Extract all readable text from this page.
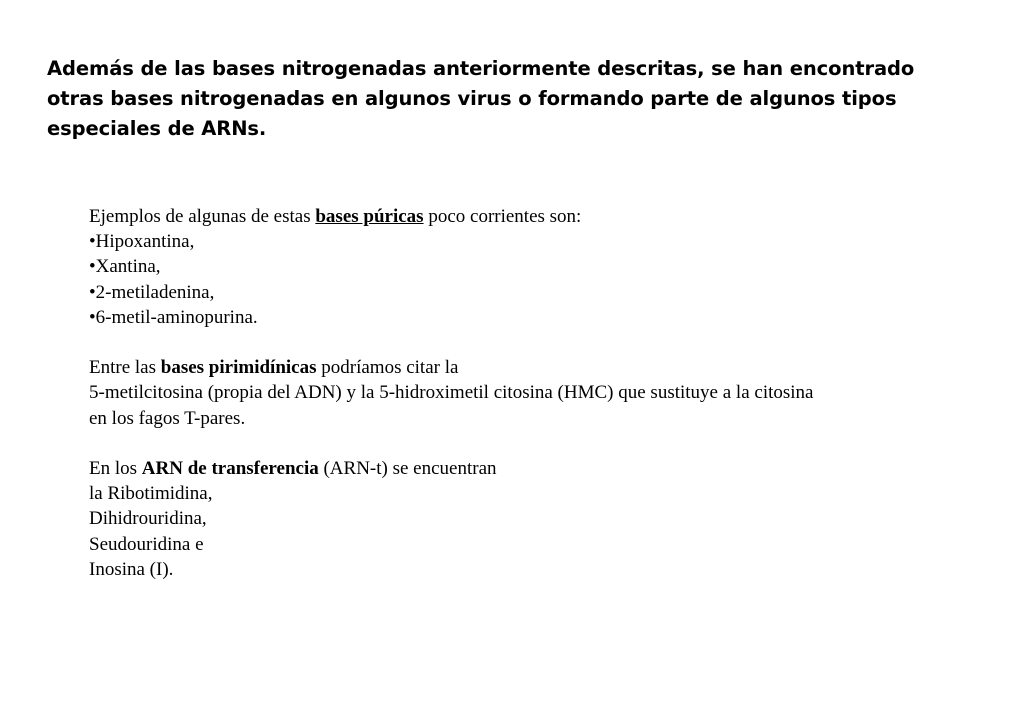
Además de las bases nitrogenadas anteriormente descritas, se han encontrado
otras bases nitrogenadas en algunos virus o formando parte de algunos tipos
especiales de ARNs.

Ejemplos de algunas de estas bases púricas poco corrientes son:
•Hipoxantina,
•Xantina,
•2-metiladenina,
•6-metil-aminopurina.
Entre las bases pirimidínicas podríamos citar la
5-metilcitosina (propia del ADN) y la 5-hidroximetil citosina (HMC) que sustituye a la citosina
en los fagos T-pares.
En los ARN de transferencia (ARN-t) se encuentran
la Ribotimidina,
Dihidrouridina,
Seudouridina e
Inosina (I).
